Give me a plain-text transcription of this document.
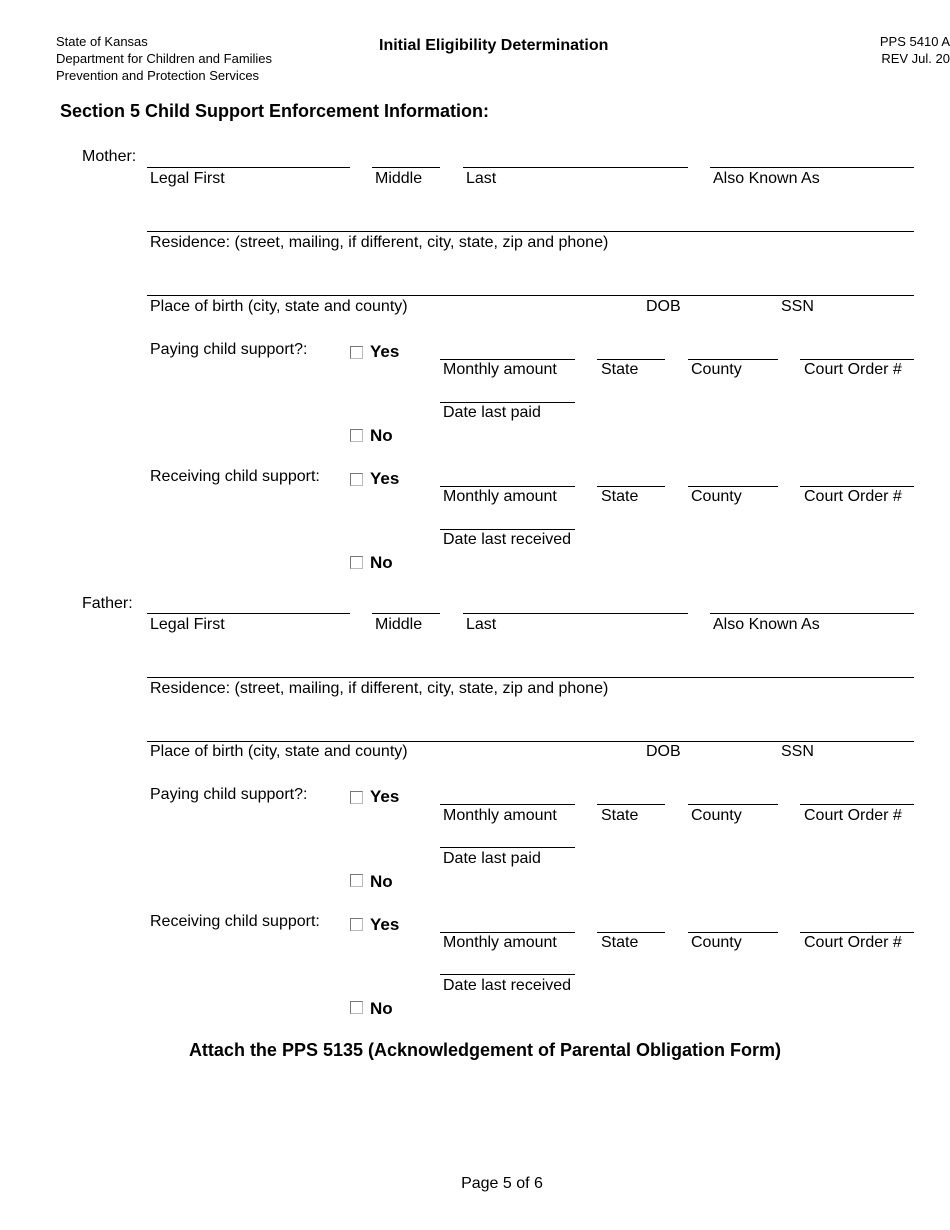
State of Kansas
Department for Children and Families
Prevention and Protection Services
Initial Eligibility Determination	PPS 5410 A
REV Jul. 20
Section 5 Child Support Enforcement Information:
Mother:
Legal First	Middle	Last	Also Known As
Residence: (street, mailing, if different, city, state, zip and phone)
Place of birth (city, state and county)	DOB	SSN
Paying child support?:	Yes
Monthly amount	State	County	Court Order #
Date last paid
No
Receiving child support:	Yes
Monthly amount	State	County	Court Order #
Date last received
No
Father:
Legal First	Middle	Last	Also Known As
Residence: (street, mailing, if different, city, state, zip and phone)
Place of birth (city, state and county)	DOB	SSN
Paying child support?:	Yes
Monthly amount	State	County	Court Order #
Date last paid
No
Receiving child support:	Yes
Monthly amount	State	County	Court Order #
Date last received
No
Attach the PPS 5135 (Acknowledgement of Parental Obligation Form)
Page 5 of 6
